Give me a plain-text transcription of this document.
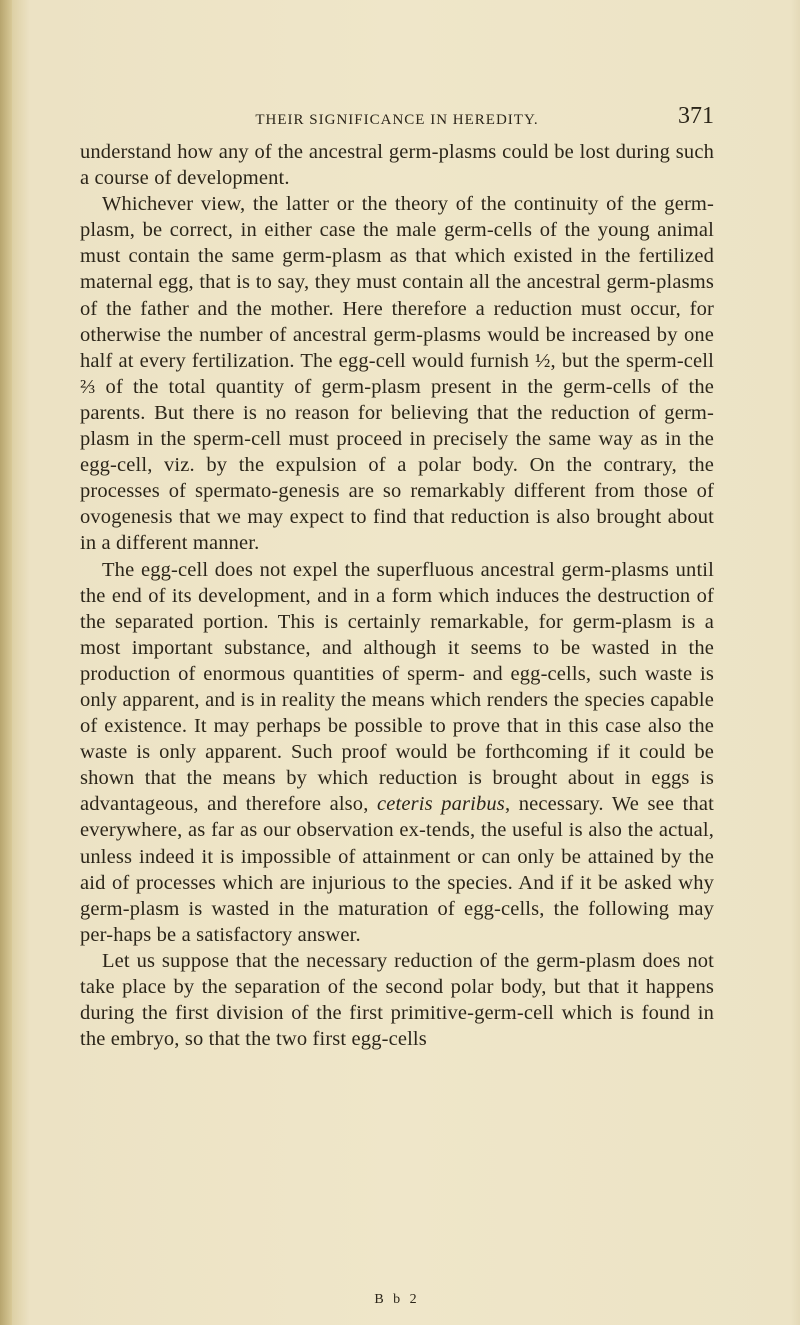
THEIR SIGNIFICANCE IN HEREDITY.	371

understand how any of the ancestral germ-plasms could be lost during such a course of development.

Whichever view, the latter or the theory of the continuity of the germ-plasm, be correct, in either case the male germ-cells of the young animal must contain the same germ-plasm as that which existed in the fertilized maternal egg, that is to say, they must contain all the ancestral germ-plasms of the father and the mother. Here therefore a reduction must occur, for otherwise the number of ancestral germ-plasms would be increased by one half at every fertilization. The egg-cell would furnish ½, but the sperm-cell ⅔ of the total quantity of germ-plasm present in the germ-cells of the parents. But there is no reason for believing that the reduction of germ-plasm in the sperm-cell must proceed in precisely the same way as in the egg-cell, viz. by the expulsion of a polar body. On the contrary, the processes of spermato-genesis are so remarkably different from those of ovogenesis that we may expect to find that reduction is also brought about in a different manner.

The egg-cell does not expel the superfluous ancestral germ-plasms until the end of its development, and in a form which induces the destruction of the separated portion. This is certainly remarkable, for germ-plasm is a most important substance, and although it seems to be wasted in the production of enormous quantities of sperm- and egg-cells, such waste is only apparent, and is in reality the means which renders the species capable of existence. It may perhaps be possible to prove that in this case also the waste is only apparent. Such proof would be forthcoming if it could be shown that the means by which reduction is brought about in eggs is advantageous, and therefore also, ceteris paribus, necessary. We see that everywhere, as far as our observation ex-tends, the useful is also the actual, unless indeed it is impossible of attainment or can only be attained by the aid of processes which are injurious to the species. And if it be asked why germ-plasm is wasted in the maturation of egg-cells, the following may per-haps be a satisfactory answer.

Let us suppose that the necessary reduction of the germ-plasm does not take place by the separation of the second polar body, but that it happens during the first division of the first primitive-germ-cell which is found in the embryo, so that the two first egg-cells

B b 2
